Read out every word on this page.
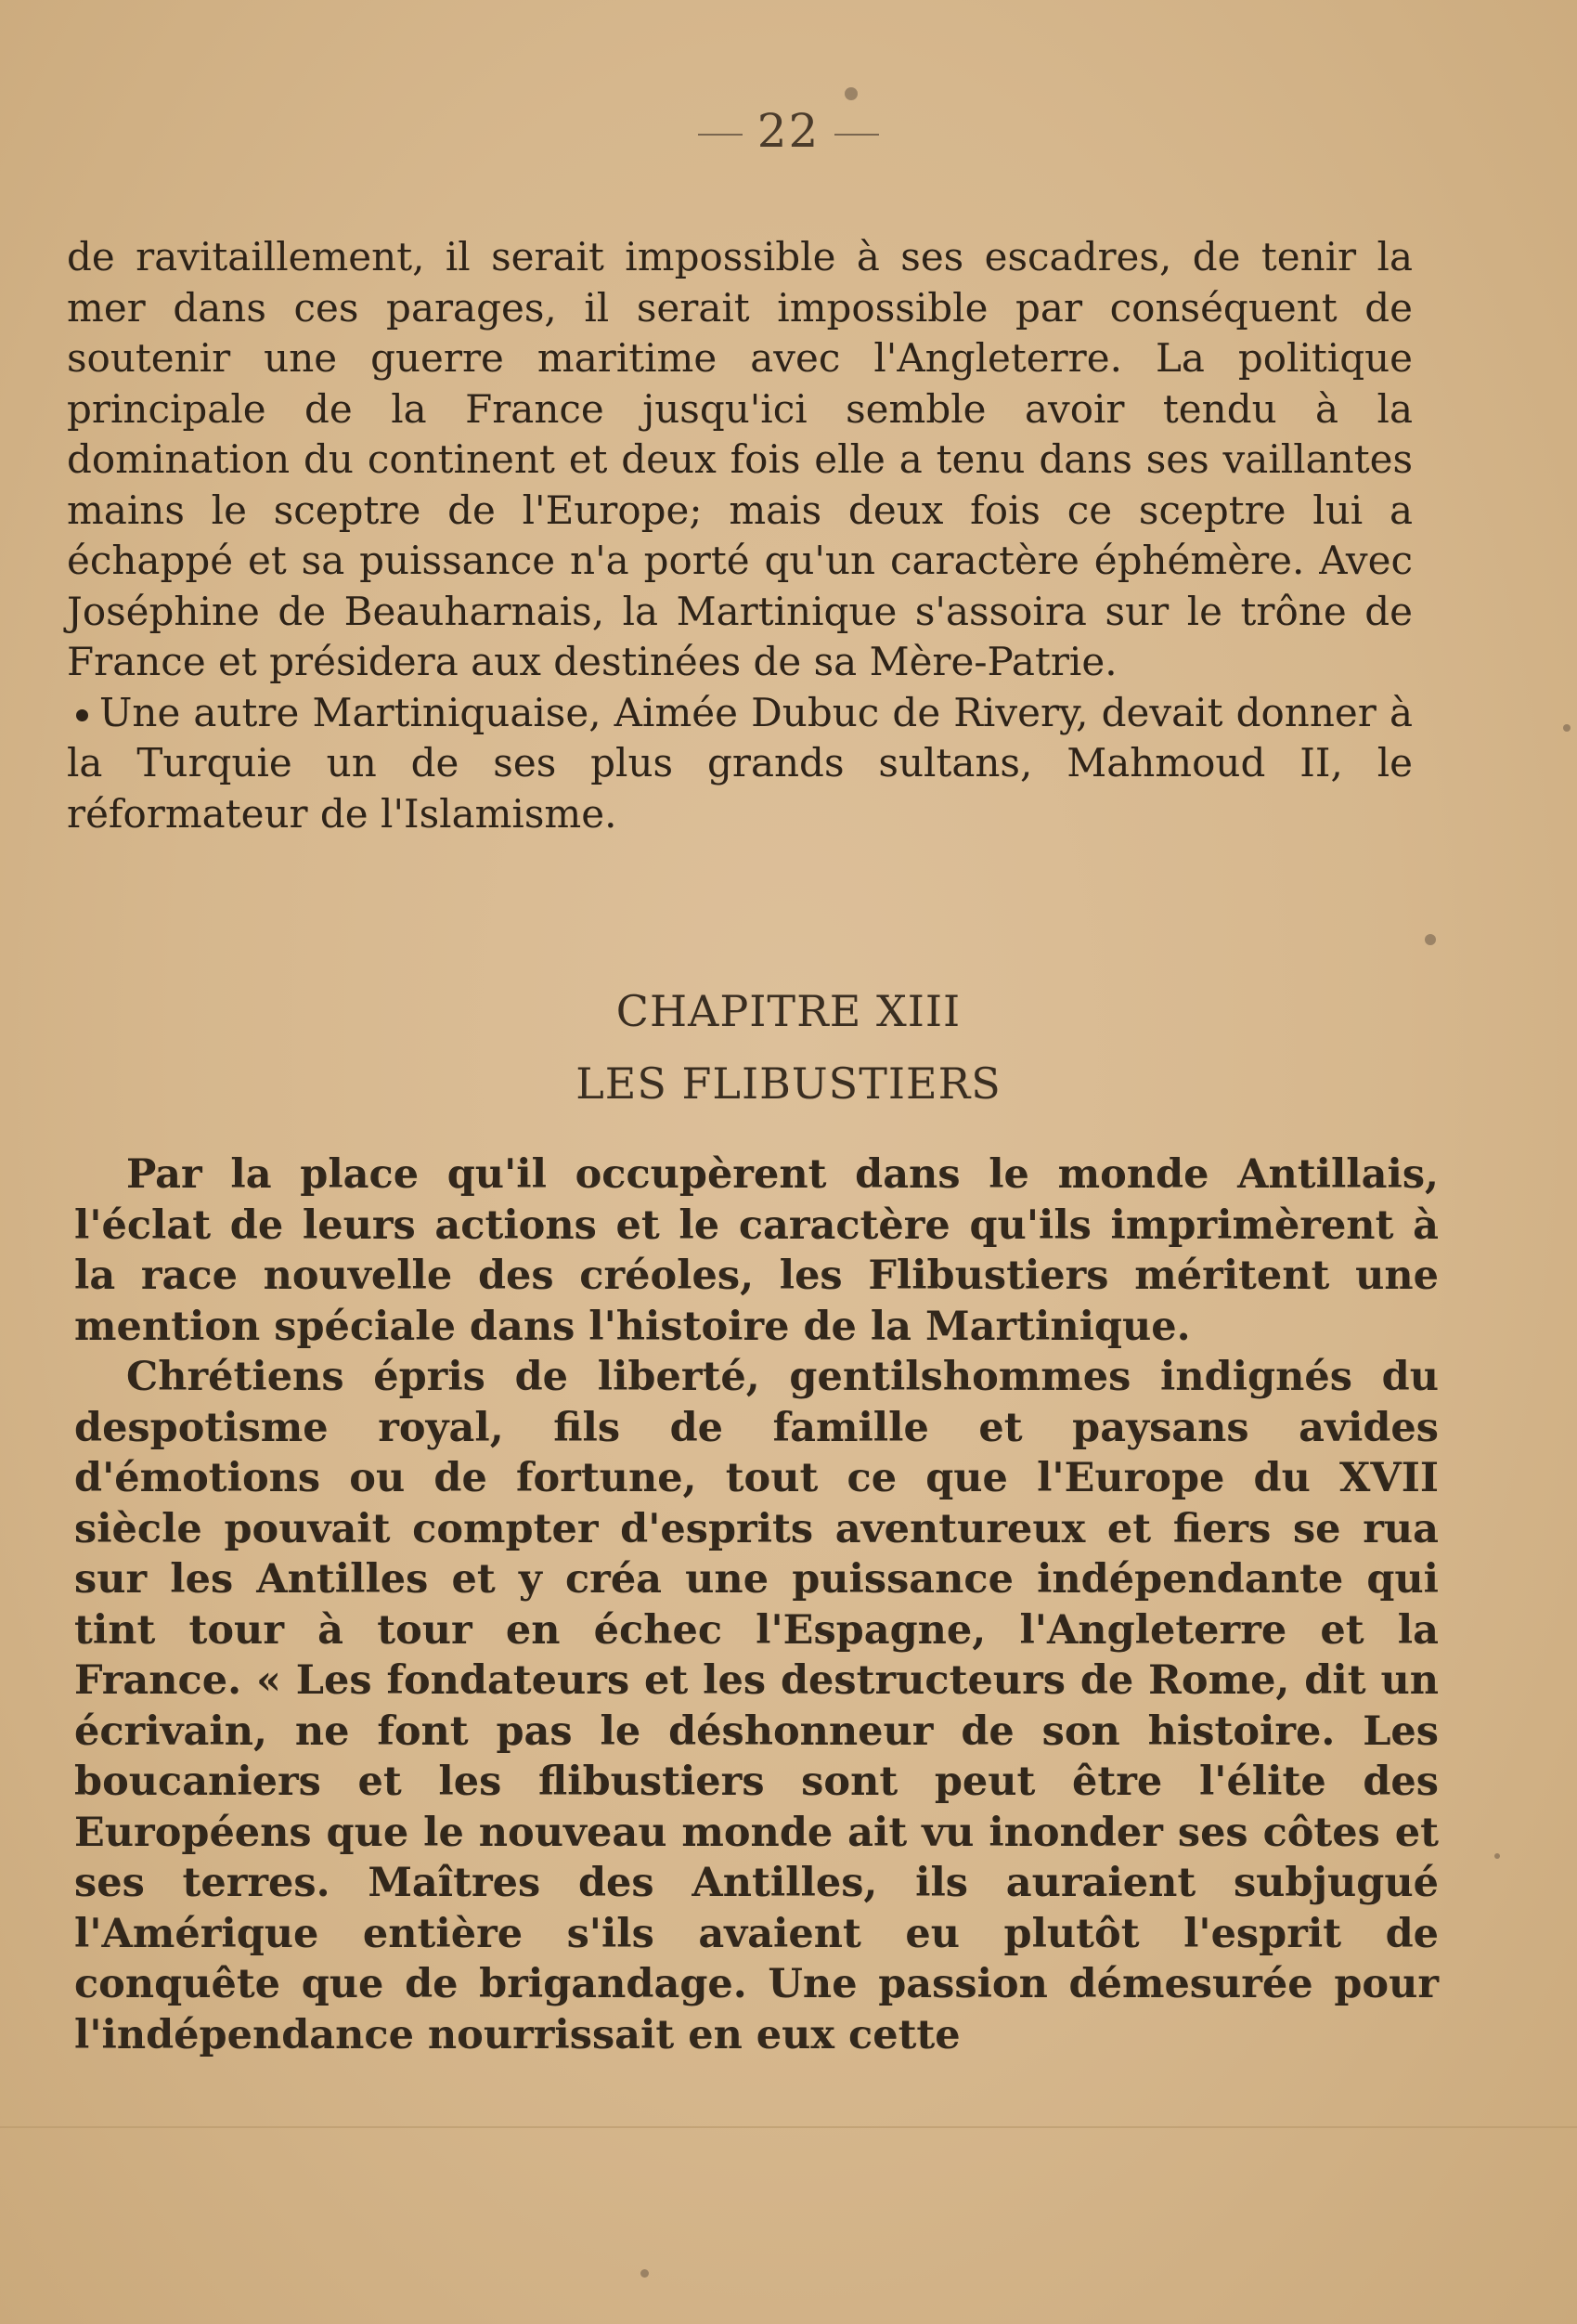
22

de ravitaillement, il serait impossible à ses escadres, de tenir la mer dans ces parages, il serait impossible par conséquent de soutenir une guerre maritime avec l'Angleterre. La politique principale de la France jusqu'ici semble avoir tendu à la domination du continent et deux fois elle a tenu dans ses vaillantes mains le sceptre de l'Europe; mais deux fois ce sceptre lui a échappé et sa puissance n'a porté qu'un caractère éphémère. Avec Joséphine de Beauharnais, la Martinique s'assoira sur le trône de France et présidera aux destinées de sa Mère-Patrie.

Une autre Martiniquaise, Aimée Dubuc de Rivery, devait donner à la Turquie un de ses plus grands sultans, Mahmoud II, le réformateur de l'Islamisme.

CHAPITRE XIII
LES FLIBUSTIERS

Par la place qu'il occupèrent dans le monde Antillais, l'éclat de leurs actions et le caractère qu'ils imprimèrent à la race nouvelle des créoles, les Flibustiers méritent une mention spéciale dans l'histoire de la Martinique.

Chrétiens épris de liberté, gentilshommes indignés du despotisme royal, fils de famille et paysans avides d'émotions ou de fortune, tout ce que l'Europe du XVII siècle pouvait compter d'esprits aventureux et fiers se rua sur les Antilles et y créa une puissance indépendante qui tint tour à tour en échec l'Espagne, l'Angleterre et la France. « Les fondateurs et les destructeurs de Rome, dit un écrivain, ne font pas le déshonneur de son histoire. Les boucaniers et les flibustiers sont peut être l'élite des Européens que le nouveau monde ait vu inonder ses côtes et ses terres. Maîtres des Antilles, ils auraient subjugué l'Amérique entière s'ils avaient eu plutôt l'esprit de conquête que de brigandage. Une passion démesurée pour l'indépendance nourrissait en eux cette
